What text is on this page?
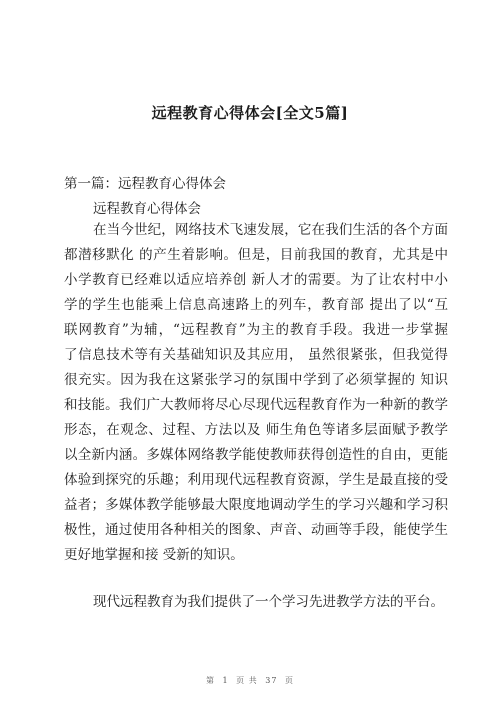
远程教育心得体会[全文5篇]
第一篇：远程教育心得体会
远程教育心得体会
在当今世纪，网络技术飞速发展，它在我们生活的各个方面
都潜移默化 的产生着影响。但是，目前我国的教育，尤其是中
小学教育已经难以适应培养创 新人才的需要。为了让农村中小
学的学生也能乘上信息高速路上的列车，教育部 提出了以“互
联网教育”为辅，“远程教育”为主的教育手段。我进一步掌握
了信息技术等有关基础知识及其应用， 虽然很紧张，但我觉得
很充实。因为我在这紧张学习的氛围中学到了必须掌握的 知识
和技能。我们广大教师将尽心尽现代远程教育作为一种新的教学
形态，在观念、过程、方法以及 师生角色等诸多层面赋予教学
以全新内涵。多媒体网络教学能使教师获得创造性的自由，更能
体验到探究的乐趣；利用现代远程教育资源，学生是最直接的受
益者；多媒体教学能够最大限度地调动学生的学习兴趣和学习积
极性，通过使用各种相关的图象、声音、动画等手段，能使学生
更好地掌握和接 受新的知识。
现代远程教育为我们提供了一个学习先进教学方法的平台。
第 1 页 共 37 页
